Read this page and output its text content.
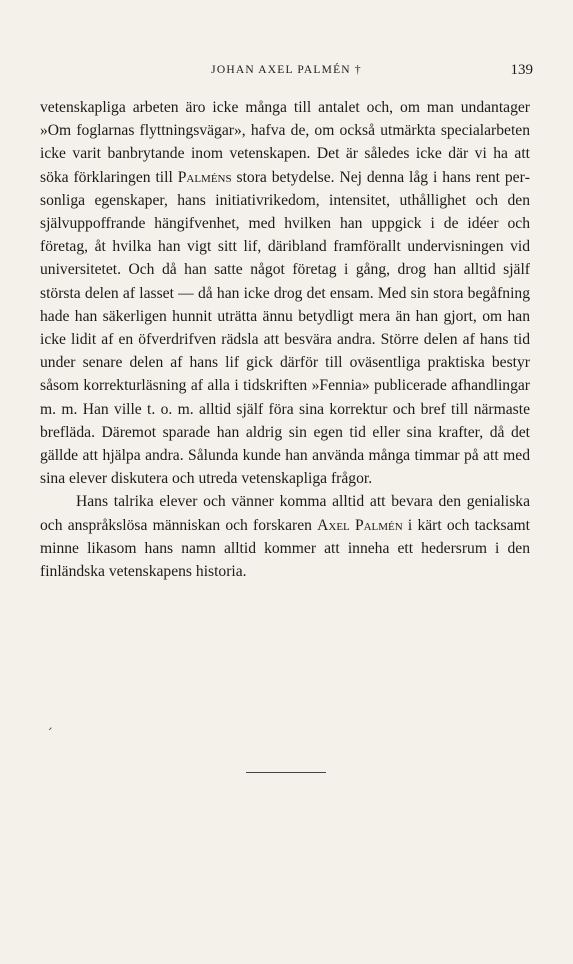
JOHAN AXEL PALMÉN †	139

vetenskapliga arbeten äro icke många till antalet och, om man undantager »Om foglarnas flyttningsvägar», hafva de, om också utmärkta specialarbeten icke varit banbrytande inom vetenskapen. Det är således icke där vi ha att söka förklaringen till Palméns stora betydelse. Nej denna låg i hans rent personliga egenskaper, hans initiativrikedom, intensitet, uthållighet och den självuppoffrande hängifvenhet, med hvilken han uppgick i de idéer och företag, åt hvilka han vigt sitt lif, däribland framförallt undervisningen vid universitetet. Och då han satte något företag i gång, drog han alltid själf största delen af lasset — då han icke drog det ensam. Med sin stora begåfning hade han säkerligen hunnit uträtta ännu betydligt mera än han gjort, om han icke lidit af en öfverdrifven rädsla att besvära andra. Större delen af hans tid under senare delen af hans lif gick därför till oväsentliga praktiska bestyr såsom korrekturläsning af alla i tidskriften »Fennia» publicerade afhandlingar m. m. Han ville t. o. m. alltid själf föra sina korrektur och bref till närmaste brefläda. Däremot sparade han aldrig sin egen tid eller sina krafter, då det gällde att hjälpa andra. Sålunda kunde han använda många timmar på att med sina elever diskutera och utreda vetenskapliga frågor.

Hans talrika elever och vänner komma alltid att bevara den genialiska och anspråkslösa människan och forskaren Axel Palmén i kärt och tacksamt minne likasom hans namn alltid kommer att inneha ett hedersrum i den finländska vetenskapens historia.

,
